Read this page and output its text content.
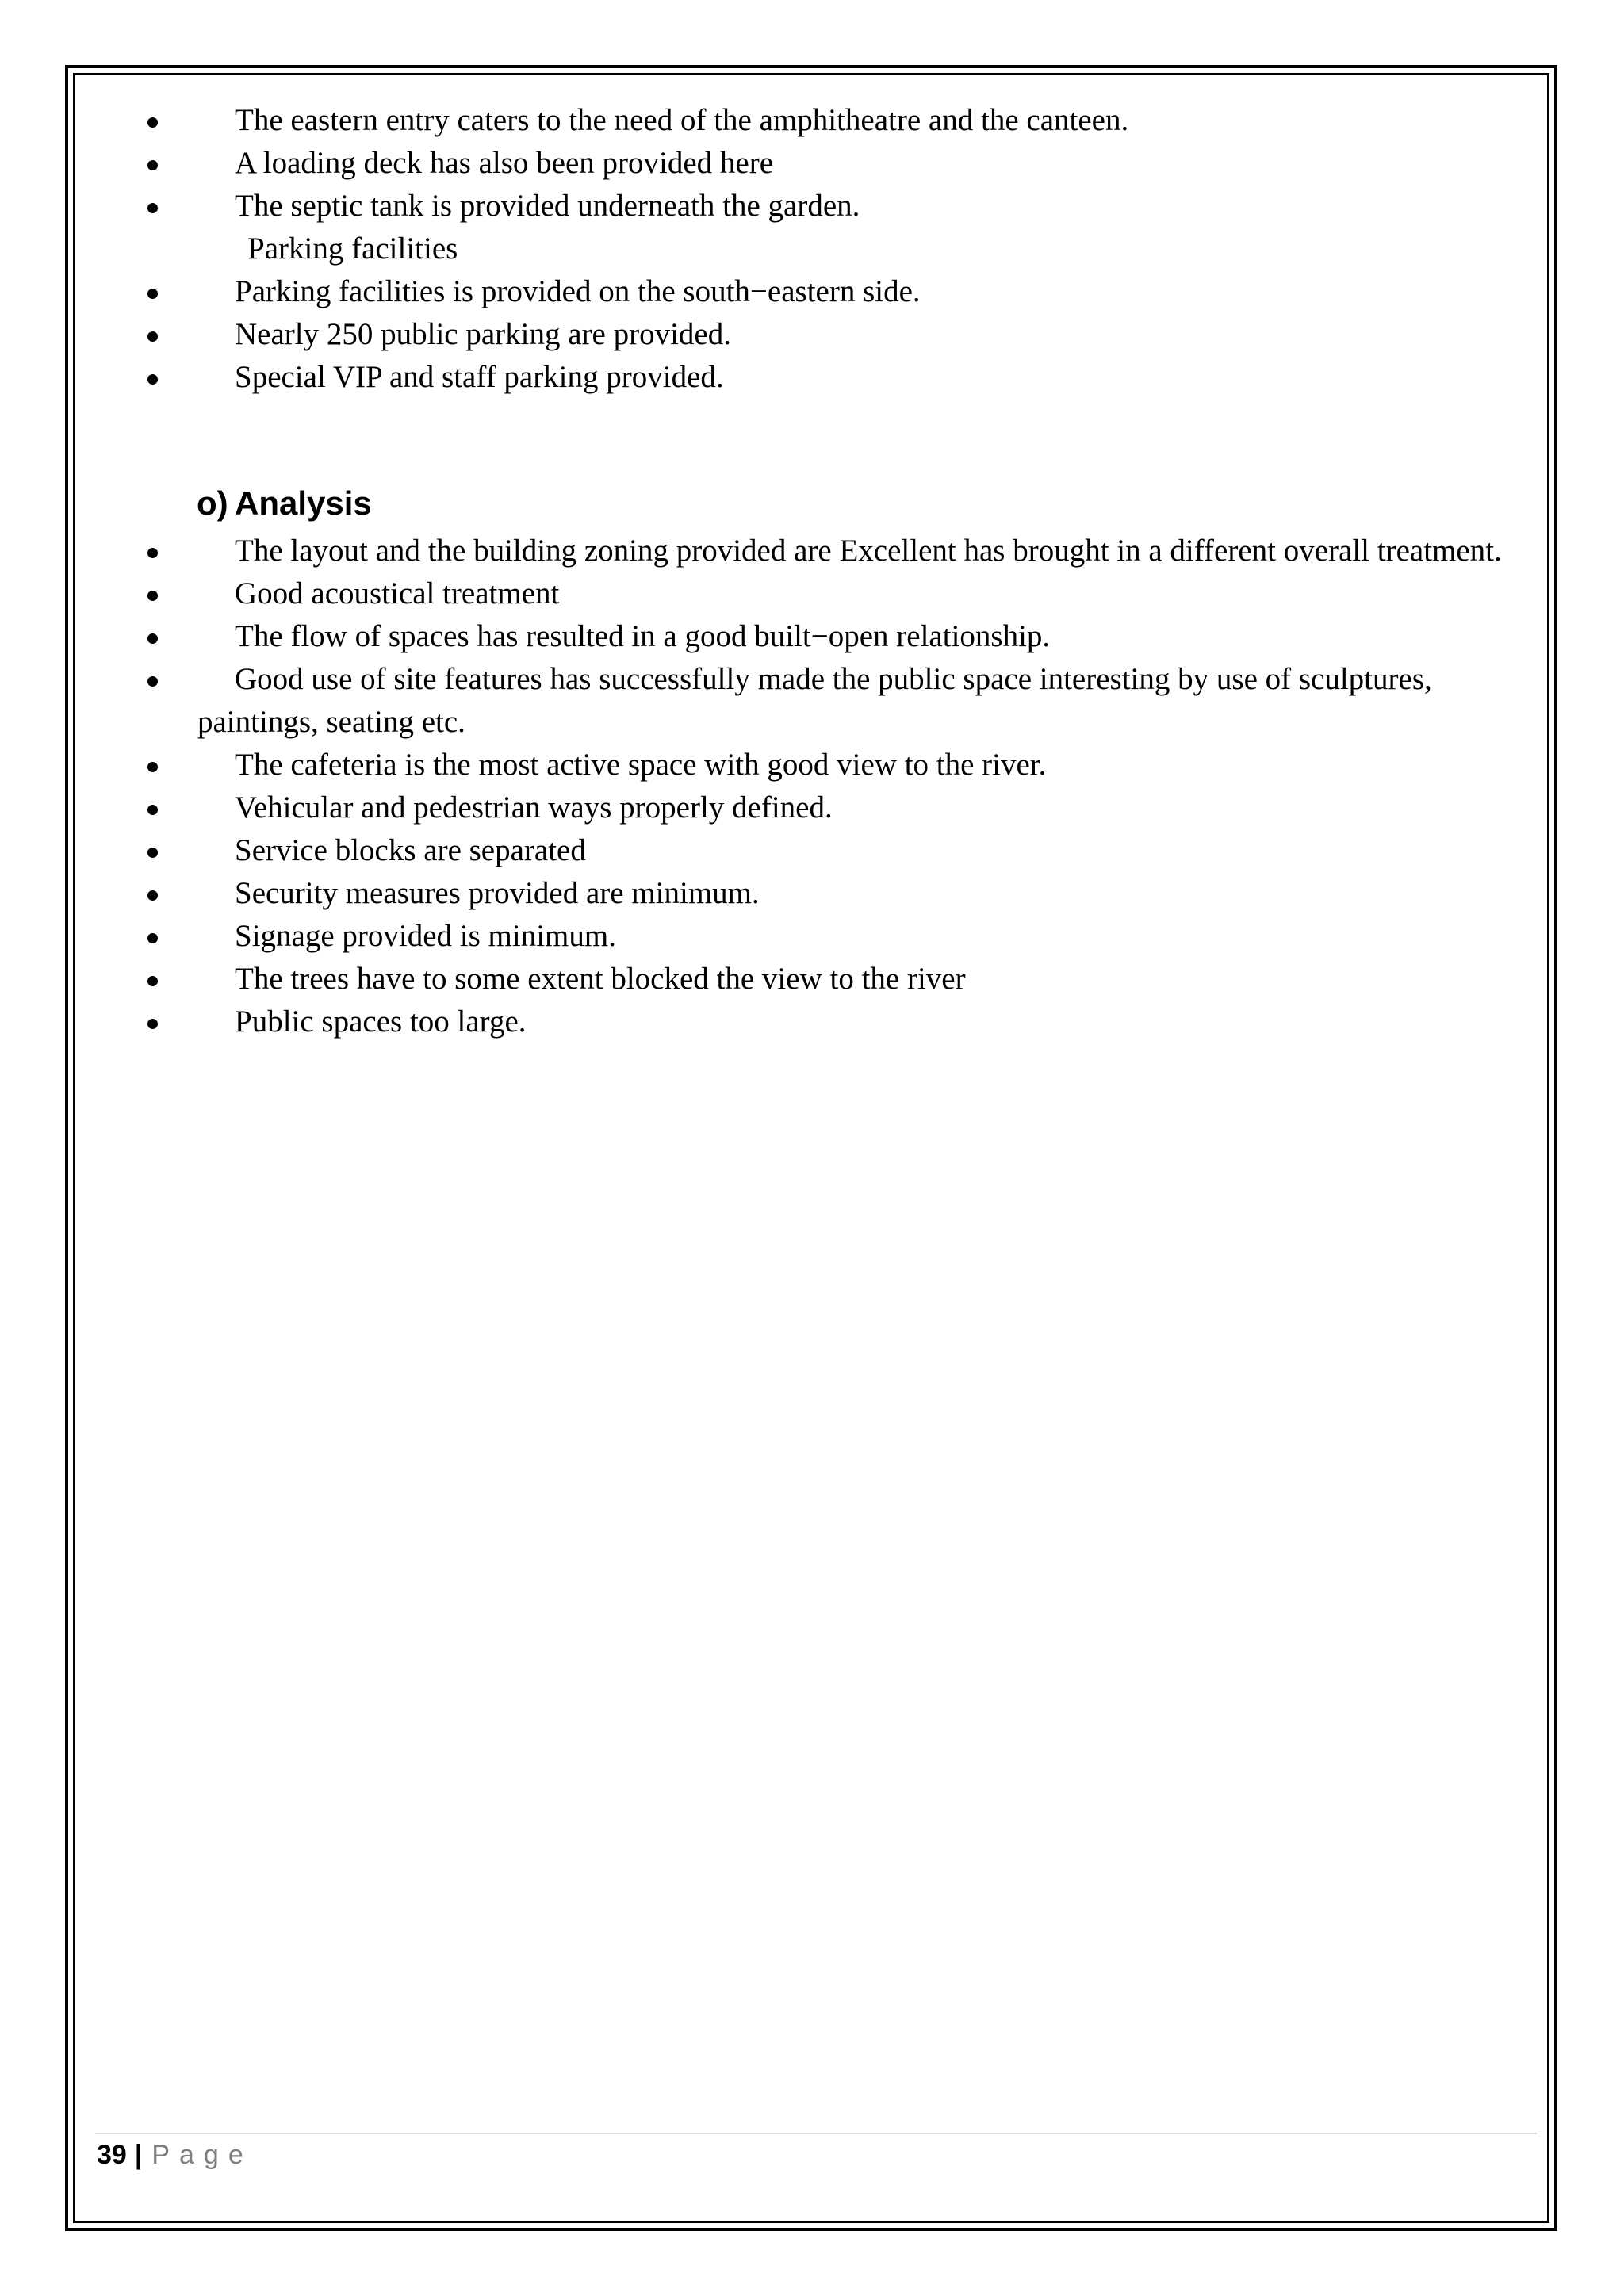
The eastern entry caters to the need of the amphitheatre and the canteen.
A loading deck has also been provided here
The septic tank is provided underneath the garden.
Parking facilities
Parking facilities is provided on the south−eastern side.
Nearly 250 public parking are provided.
Special VIP and staff parking provided.
o) Analysis
The layout and the building zoning provided are Excellent has brought in a different overall treatment.
Good acoustical treatment
The flow of spaces has resulted in a good built−open relationship.
Good use of site features has successfully made the public space interesting by use of sculptures, paintings, seating etc.
The cafeteria is the most active space with good view to the river.
Vehicular and pedestrian ways properly defined.
Service blocks are separated
Security measures provided are minimum.
Signage provided is minimum.
The trees have to some extent blocked the view to the river
Public spaces too large.
39 | Page
